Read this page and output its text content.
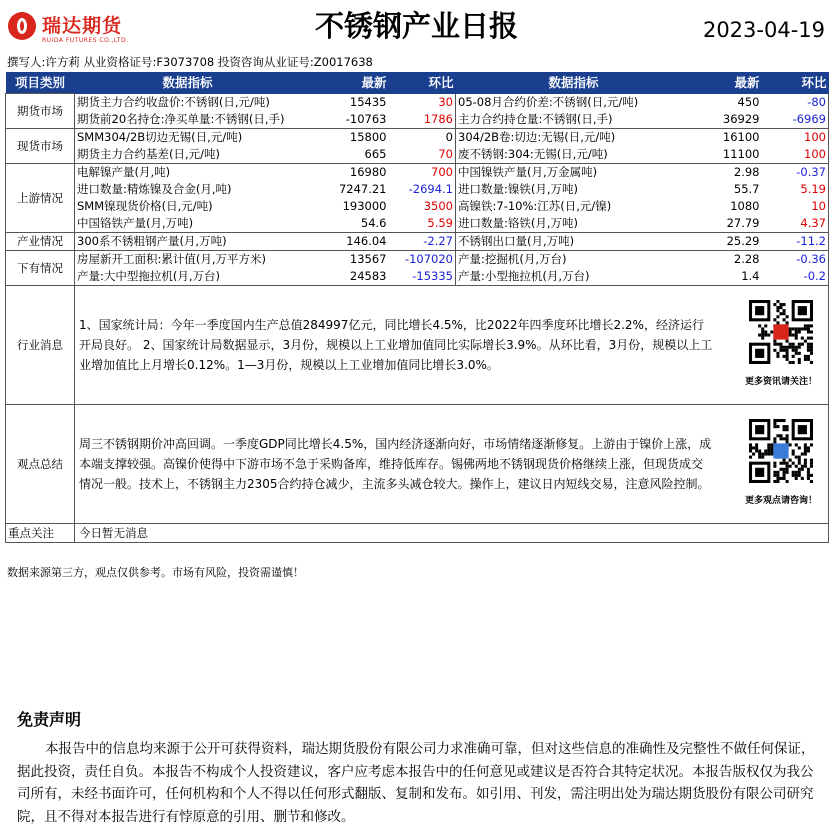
瑞达期货
RUIDA FUTURES CO.,LTD.	不锈钢产业日报	2023-04-19
撰写人:许方莉 从业资格证号:F3073708 投资咨询从业证号:Z0017638
项目类别	数据指标	最新	环比	数据指标	最新	环比
期货市场	期货主力合约收盘价:不锈钢(日,元/吨)	15435	30	05-08月合约价差:不锈钢(日,元/吨)	450	-80
	期货前20名持仓:净买单量:不锈钢(日,手)	-10763	1786	主力合约持仓量:不锈钢(日,手)	36929	-6969
现货市场	SMM304/2B切边无锡(日,元/吨)	15800	0	304/2B卷:切边:无锡(日,元/吨)	16100	100
	期货主力合约基差(日,元/吨)	665	70	废不锈钢:304:无锡(日,元/吨)	11100	100
上游情况	电解镍产量(月,吨)	16980	700	中国镍铁产量(月,万金属吨)	2.98	-0.37
	进口数量:精炼镍及合金(月,吨)	7247.21	-2694.1	进口数量:镍铁(月,万吨)	55.7	5.19
	SMM镍现货价格(日,元/吨)	193000	3500	高镍铁:7-10%:江苏(日,元/镍)	1080	10
	中国铬铁产量(月,万吨)	54.6	5.59	进口数量:铬铁(月,万吨)	27.79	4.37
产业情况	300系不锈粗钢产量(月,万吨)	146.04	-2.27	不锈钢出口量(月,万吨)	25.29	-11.2
下有情况	房屋新开工面积:累计值(月,万平方米)	13567	-107020	产量:挖掘机(月,万台)	2.28	-0.36
	产量:大中型拖拉机(月,万台)	24583	-15335	产量:小型拖拉机(月,万台)	1.4	-0.2
行业消息	1、国家统计局：今年一季度国内生产总值284997亿元，同比增长4.5%，比2022年四季度环比增长2.2%，经济运行开局良好。 2、国家统计局数据显示，3月份，规模以上工业增加值同比实际增长3.9%。从环比看，3月份，规模以上工业增加值比上月增长0.12%。1—3月份，规模以上工业增加值同比增长3.0%。
更多资讯请关注！					

观点总结	周三不锈钢期价冲高回调。一季度GDP同比增长4.5%，国内经济逐渐向好，市场情绪逐渐修复。上游由于镍价上涨，成本端支撑较强。高镍价使得中下游市场不急于采购备库，维持低库存。锡佛两地不锈钢现货价格继续上涨，但现货成交情况一般。技术上，不锈钢主力2305合约持仓减少，主流多头减仓较大。操作上，建议日内短线交易，注意风险控制。
更多观点请咨询！					

重点关注	今日暂无消息					
数据来源第三方，观点仅供参考。市场有风险，投资需谨慎！
免责声明
本报告中的信息均来源于公开可获得资料，瑞达期货股份有限公司力求准确可靠，但对这些信息的准确性及完整性不做任何保证，据此投资，责任自负。本报告不构成个人投资建议，客户应考虑本报告中的任何意见或建议是否符合其特定状况。本报告版权仅为我公司所有，未经书面许可，任何机构和个人不得以任何形式翻版、复制和发布。如引用、刊发，需注明出处为瑞达期货股份有限公司研究院，且不得对本报告进行有悖原意的引用、删节和修改。
